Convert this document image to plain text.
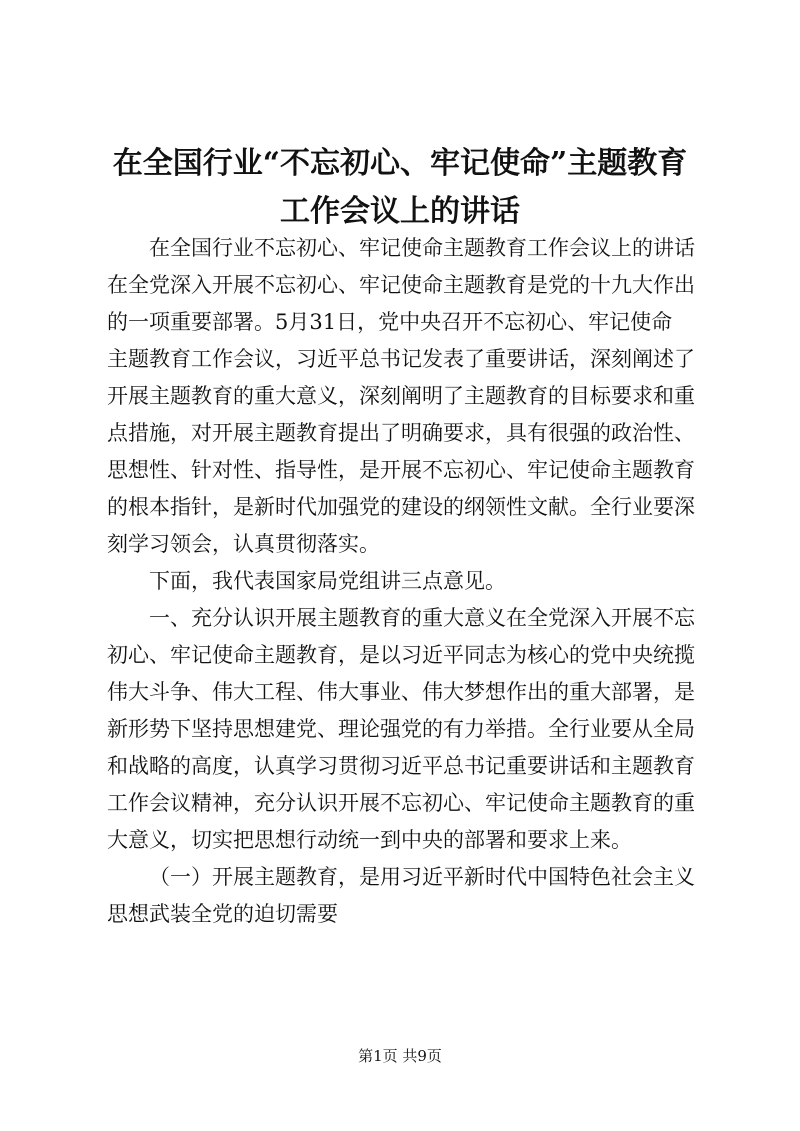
在全国行业“不忘初心、牢记使命”主题教育
工作会议上的讲话
在全国行业不忘初心、牢记使命主题教育工作会议上的讲话
在全党深入开展不忘初心、牢记使命主题教育是党的十九大作出
的一项重要部署。5月31日，党中央召开不忘初心、牢记使命
主题教育工作会议，习近平总书记发表了重要讲话，深刻阐述了
开展主题教育的重大意义，深刻阐明了主题教育的目标要求和重
点措施，对开展主题教育提出了明确要求，具有很强的政治性、
思想性、针对性、指导性，是开展不忘初心、牢记使命主题教育
的根本指针，是新时代加强党的建设的纲领性文献。全行业要深
刻学习领会，认真贯彻落实。
下面，我代表国家局党组讲三点意见。
一、充分认识开展主题教育的重大意义在全党深入开展不忘
初心、牢记使命主题教育，是以习近平同志为核心的党中央统揽
伟大斗争、伟大工程、伟大事业、伟大梦想作出的重大部署，是
新形势下坚持思想建党、理论强党的有力举措。全行业要从全局
和战略的高度，认真学习贯彻习近平总书记重要讲话和主题教育
工作会议精神，充分认识开展不忘初心、牢记使命主题教育的重
大意义，切实把思想行动统一到中央的部署和要求上来。
（一）开展主题教育，是用习近平新时代中国特色社会主义
思想武装全党的迫切需要
第1页 共9页
